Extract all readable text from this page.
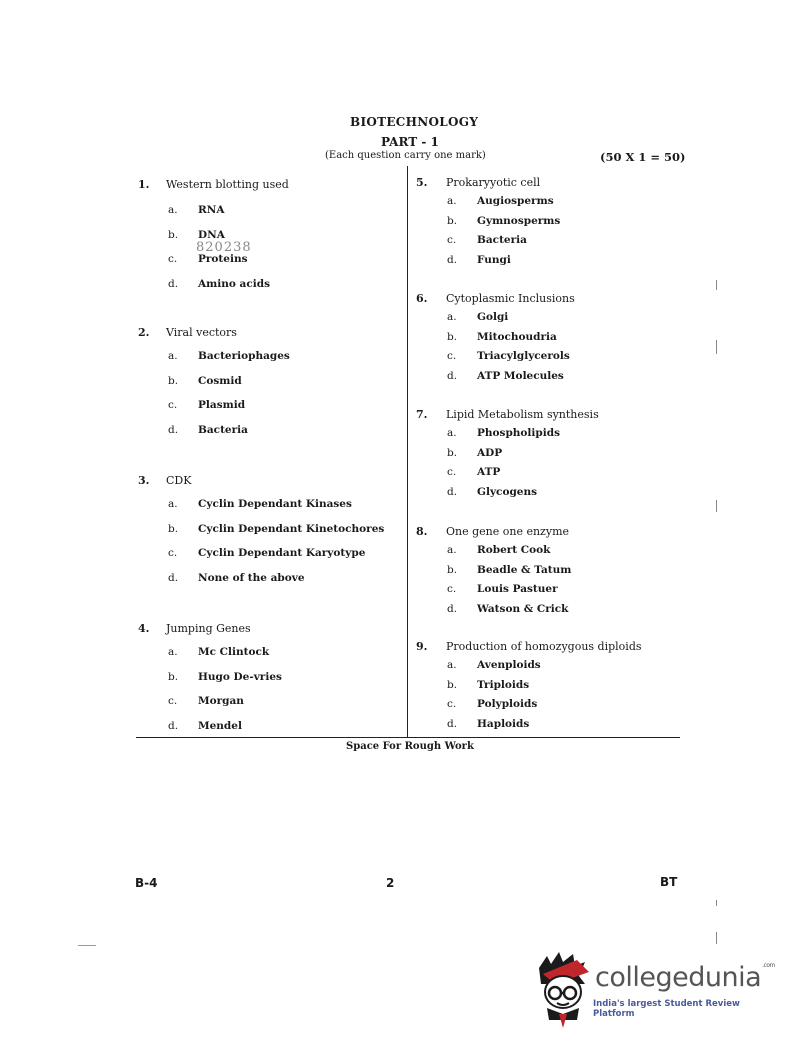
BIOTECHNOLOGY
PART - 1
(Each question carry one mark)	(50 X 1 = 50)
1. Western blotting used
a. RNA
b. DNA
c. Proteins
d. Amino acids
2. Viral vectors
a. Bacteriophages
b. Cosmid
c. Plasmid
d. Bacteria
3. CDK
a. Cyclin Dependant Kinases
b. Cyclin Dependant Kinetochores
c. Cyclin Dependant Karyotype
d. None of the above
4. Jumping Genes
a. Mc Clintock
b. Hugo De-vries
c. Morgan
d. Mendel
5. Prokaryyotic cell
a. Augiosperms
b. Gymnosperms
c. Bacteria
d. Fungi
6. Cytoplasmic Inclusions
a. Golgi
b. Mitochoudria
c. Triacylglycerols
d. ATP Molecules
7. Lipid Metabolism synthesis
a. Phospholipids
b. ADP
c. ATP
d. Glycogens
8. One gene one enzyme
a. Robert Cook
b. Beadle & Tatum
c. Louis Pastuer
d. Watson & Crick
9. Production of homozygous diploids
a. Avenploids
b. Triploids
c. Polyploids
d. Haploids
820238
Space For Rough Work
B-4	2	BT
collegedunia$^{.com}$
India's largest Student Review Platform
